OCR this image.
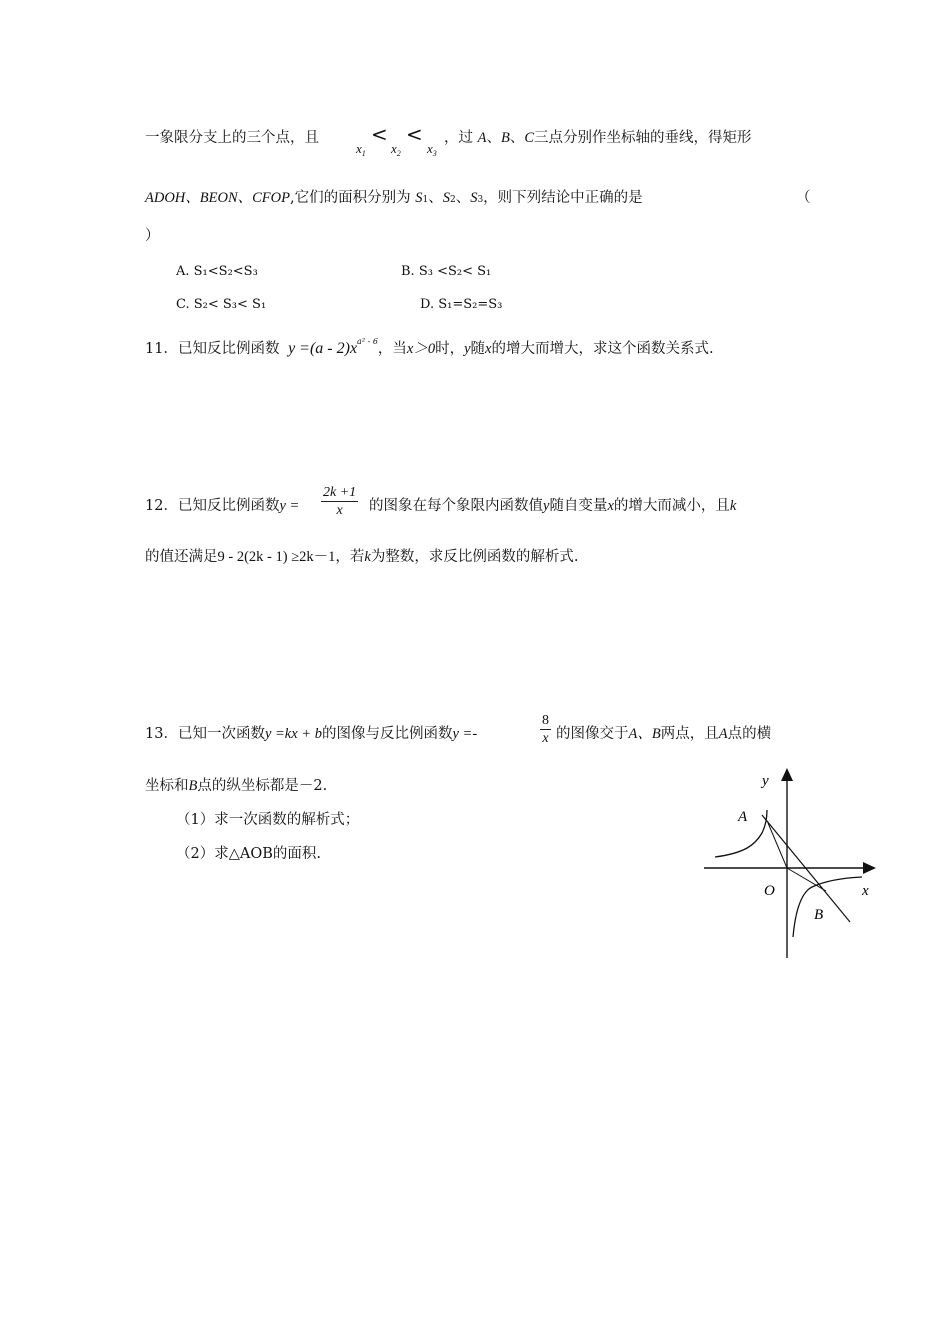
一象限分支上的三个点，且
$x_1$
<
$x_2$
<
$x_3$
，过 A、B、C三点分别作坐标轴的垂线，得矩形
ADOH、BEON、CFOP,它们的面积分别为 S1、S2、S3，则下列结论中正确的是	（
）
A. S₁<S₂<S₃	B. S₃ <S₂< S₁
C. S₂< S₃< S₁	D. S₁=S₂=S₃
11．已知反比例函数 $y =(a - 2)x^{a^2 - 6}$，当x＞0时，y随x的增大而增大，求这个函数关系式.
12．已知反比例函数$y = \frac{2k +1}{x}$ 的图象在每个象限内函数值y随自变量x的增大而减小，且k
的值还满足9 - 2(2k - 1) ≥2k－1，若k为整数，求反比例函数的解析式.
13．已知一次函数y =kx + b的图像与反比例函数y =-	$\frac{8}{x}$ 的图像交于A、B两点，且A点的横
坐标和B点的纵坐标都是－2.
（1）求一次函数的解析式；
（2）求△AOB的面积.
y
x
O
A
B
